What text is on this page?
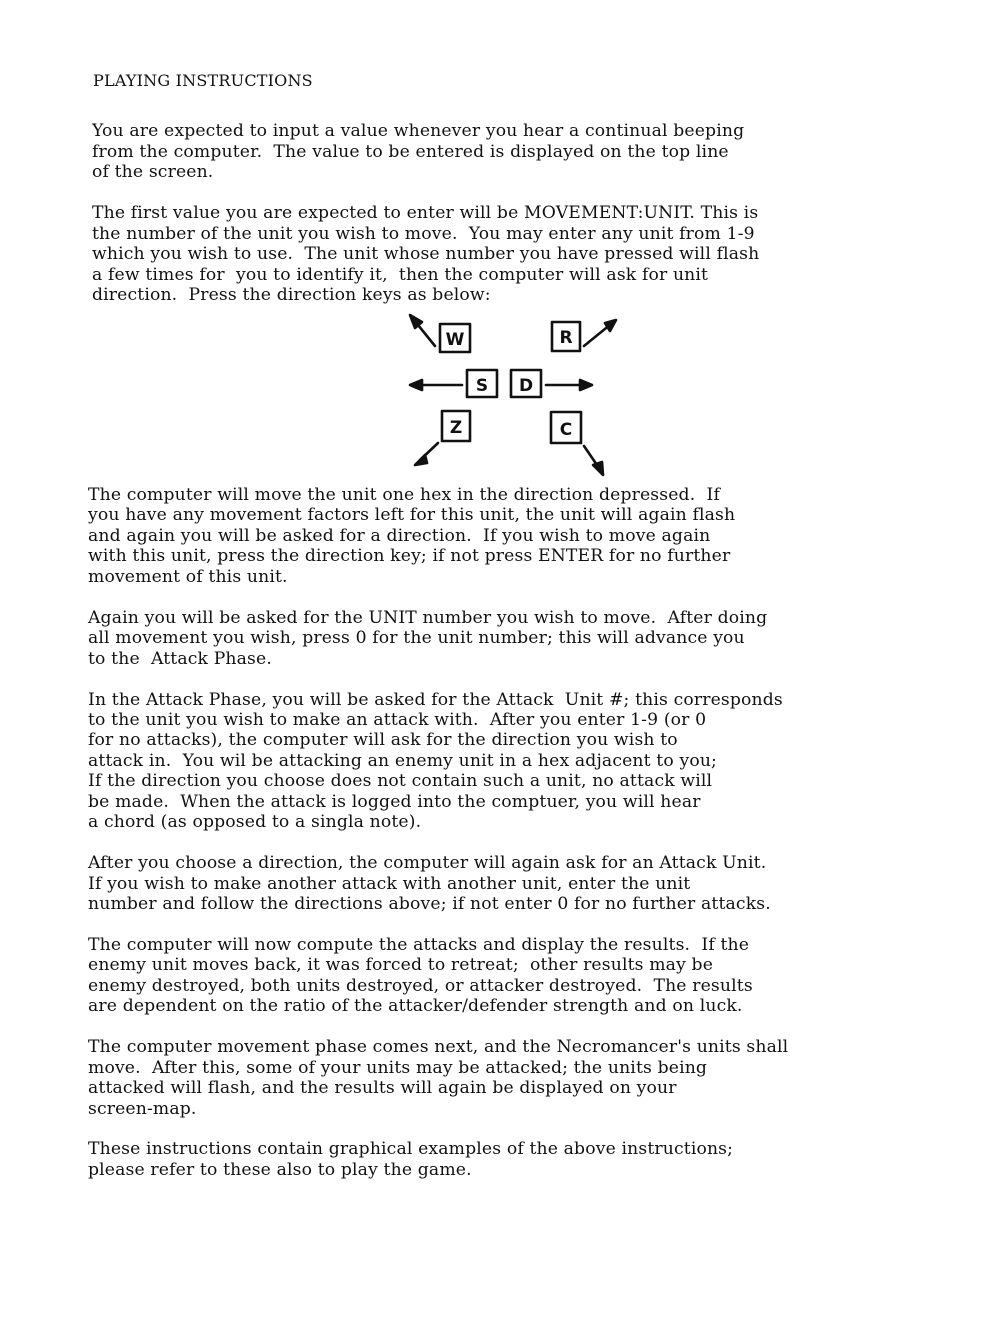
PLAYING INSTRUCTIONS
You are expected to input a value whenever you hear a continual beeping
from the computer.  The value to be entered is displayed on the top line
of the screen.
The first value you are expected to enter will be MOVEMENT:UNIT. This is
the number of the unit you wish to move.  You may enter any unit from 1-9
which you wish to use.  The unit whose number you have pressed will flash
a few times for  you to identify it,  then the computer will ask for unit
direction.  Press the direction keys as below:
W	R
S D
Z	C
The computer will move the unit one hex in the direction depressed.  If
you have any movement factors left for this unit, the unit will again flash
and again you will be asked for a direction.  If you wish to move again
with this unit, press the direction key; if not press ENTER for no further
movement of this unit.
Again you will be asked for the UNIT number you wish to move.  After doing
all movement you wish, press 0 for the unit number; this will advance you
to the  Attack Phase.
In the Attack Phase, you will be asked for the Attack  Unit #; this corresponds
to the unit you wish to make an attack with.  After you enter 1-9 (or 0
for no attacks), the computer will ask for the direction you wish to
attack in.  You wil be attacking an enemy unit in a hex adjacent to you;
If the direction you choose does not contain such a unit, no attack will
be made.  When the attack is logged into the comptuer, you will hear
a chord (as opposed to a singla note).
After you choose a direction, the computer will again ask for an Attack Unit.
If you wish to make another attack with another unit, enter the unit
number and follow the directions above; if not enter 0 for no further attacks.
The computer will now compute the attacks and display the results.  If the
enemy unit moves back, it was forced to retreat;  other results may be
enemy destroyed, both units destroyed, or attacker destroyed.  The results
are dependent on the ratio of the attacker/defender strength and on luck.
The computer movement phase comes next, and the Necromancer's units shall
move.  After this, some of your units may be attacked; the units being
attacked will flash, and the results will again be displayed on your
screen-map.
These instructions contain graphical examples of the above instructions;
please refer to these also to play the game.
